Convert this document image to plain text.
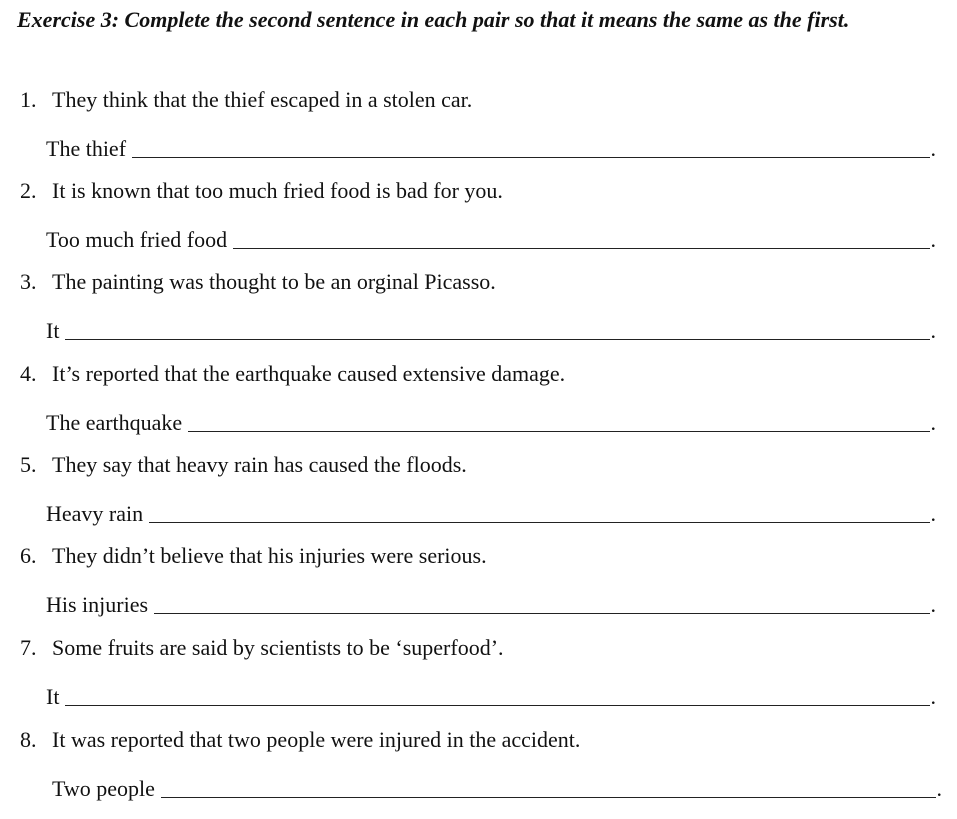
Exercise 3: Complete the second sentence in each pair so that it means the same as the first.
1. They think that the thief escaped in a stolen car.
The thief	.
2. It is known that too much fried food is bad for you.
Too much fried food	.
3. The painting was thought to be an orginal Picasso.
It	.
4. It’s reported that the earthquake caused extensive damage.
The earthquake	.
5. They say that heavy rain has caused the floods.
Heavy rain	.
6. They didn’t believe that his injuries were serious.
His injuries	.
7. Some fruits are said by scientists to be ‘superfood’.
It	.
8. It was reported that two people were injured in the accident.
Two people	.
